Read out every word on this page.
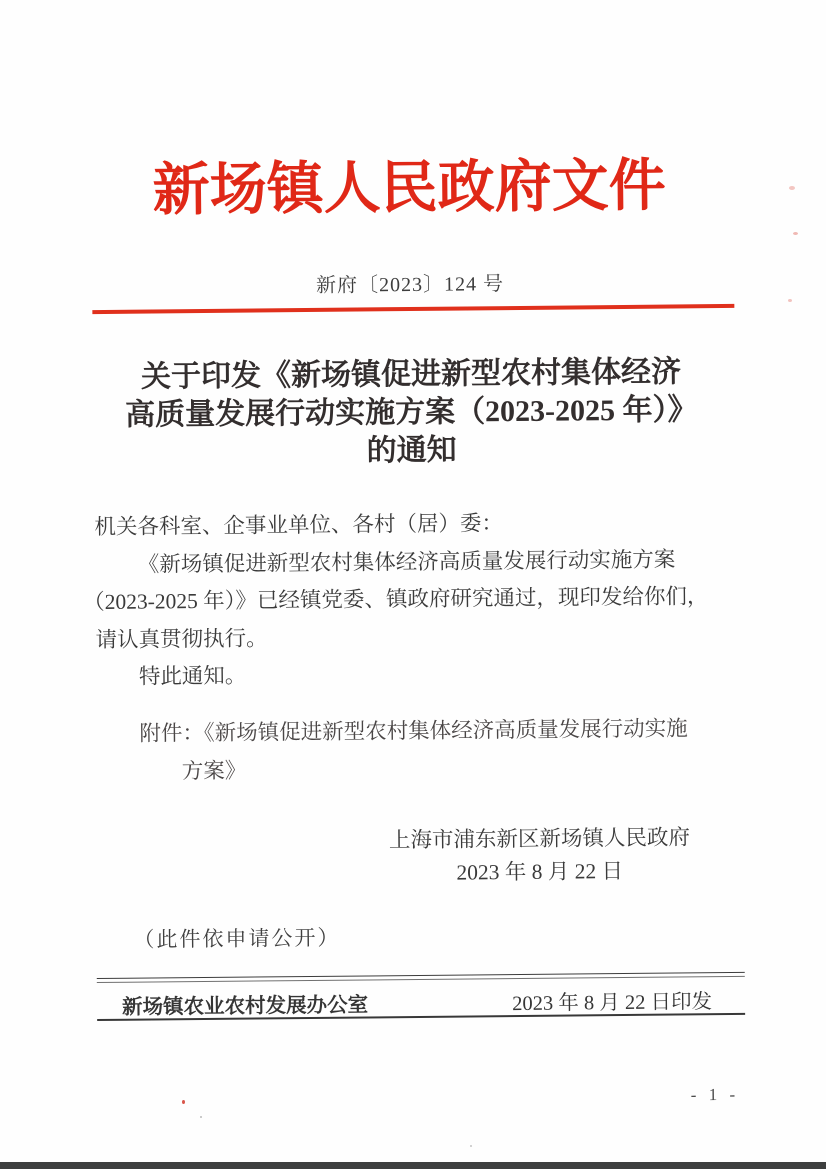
新场镇人民政府文件
新府〔2023〕124 号
关于印发《新场镇促进新型农村集体经济
高质量发展行动实施方案（2023-2025 年）》
的通知
机关各科室、企事业单位、各村（居）委：
《新场镇促进新型农村集体经济高质量发展行动实施方案
（2023-2025 年）》已经镇党委、镇政府研究通过，现印发给你们，
请认真贯彻执行。
特此通知。
附件：《新场镇促进新型农村集体经济高质量发展行动实施
方案》
上海市浦东新区新场镇人民政府
2023 年 8 月 22 日
（此件依申请公开）
新场镇农业农村发展办公室	2023 年 8 月 22 日印发
- 1 -
